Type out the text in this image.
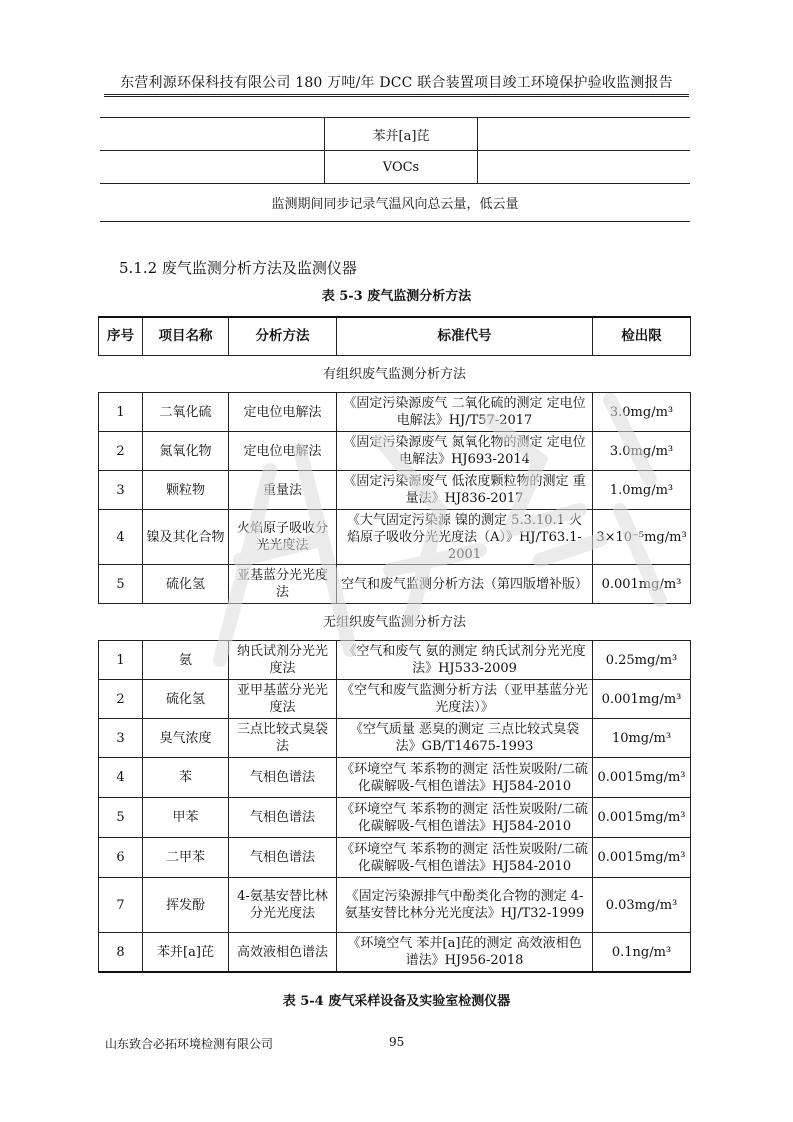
东营利源环保科技有限公司 180 万吨/年 DCC 联合装置项目竣工环境保护验收监测报告
	苯并[a]芘	
	VOCs	
监测期间同步记录气温风向总云量，低云量		
5.1.2 废气监测分析方法及监测仪器
表 5-3 废气监测分析方法
序号	项目名称	分析方法	标准代号	检出限
有组织废气监测分析方法				
1	二氧化硫	定电位电解法	《固定污染源废气 二氧化硫的测定 定电位电解法》HJ/T57-2017	3.0mg/m³
2	氮氧化物	定电位电解法	《固定污染源废气 氮氧化物的测定 定电位电解法》HJ693-2014	3.0mg/m³
3	颗粒物	重量法	《固定污染源废气 低浓度颗粒物的测定 重量法》HJ836-2017	1.0mg/m³
4	镍及其化合物	火焰原子吸收分光光度法	《大气固定污染源 镍的测定 5.3.10.1 火焰原子吸收分光光度法（A）》HJ/T63.1-2001	3×10⁻⁵mg/m³
5	硫化氢	亚基蓝分光光度法	空气和废气监测分析方法（第四版增补版）	0.001mg/m³
无组织废气监测分析方法				
1	氨	纳氏试剂分光光度法	《空气和废气 氨的测定 纳氏试剂分光光度法》HJ533-2009	0.25mg/m³
2	硫化氢	亚甲基蓝分光光度法	《空气和废气监测分析方法（亚甲基蓝分光光度法）》	0.001mg/m³
3	臭气浓度	三点比较式臭袋法	《空气质量 恶臭的测定 三点比较式臭袋法》GB/T14675-1993	10mg/m³
4	苯	气相色谱法	《环境空气 苯系物的测定 活性炭吸附/二硫化碳解吸-气相色谱法》HJ584-2010	0.0015mg/m³
5	甲苯	气相色谱法	《环境空气 苯系物的测定 活性炭吸附/二硫化碳解吸-气相色谱法》HJ584-2010	0.0015mg/m³
6	二甲苯	气相色谱法	《环境空气 苯系物的测定 活性炭吸附/二硫化碳解吸-气相色谱法》HJ584-2010	0.0015mg/m³
7	挥发酚	4-氨基安替比林分光光度法	《固定污染源排气中酚类化合物的测定 4-氨基安替比林分光光度法》HJ/T32-1999	0.03mg/m³
8	苯并[a]芘	高效液相色谱法	《环境空气 苯并[a]芘的测定 高效液相色谱法》HJ956-2018	0.1ng/m³
表 5-4 废气采样设备及实验室检测仪器
山东致合必拓环境检测有限公司	95
